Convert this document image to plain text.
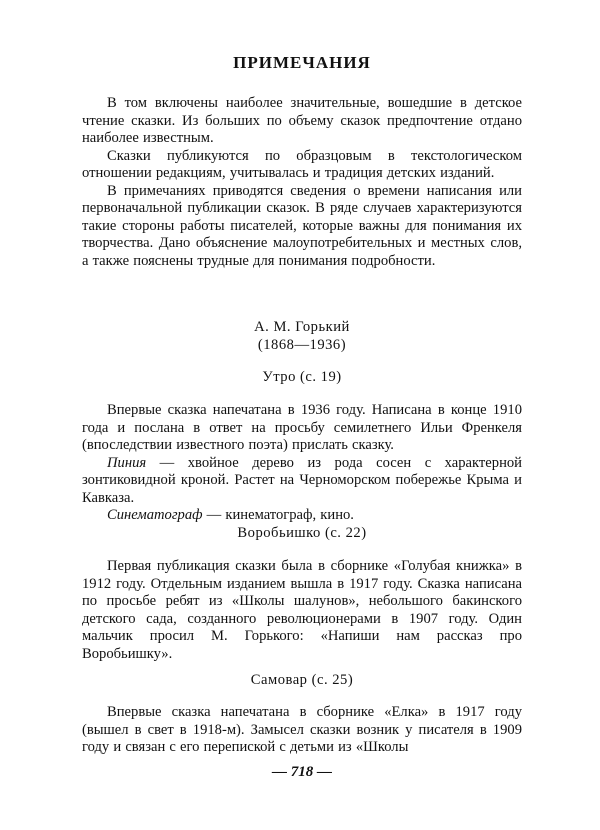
ПРИМЕЧАНИЯ

В том включены наиболее значительные, вошедшие в детское чтение сказки. Из больших по объему сказок предпочтение отдано наиболее известным.

Сказки публикуются по образцовым в текстологическом отношении редакциям, учитывалась и традиция детских изданий.

В примечаниях приводятся сведения о времени написания или первоначальной публикации сказок. В ряде случаев характеризуются такие стороны работы писателей, которые важны для понимания их творчества. Дано объяснение малоупотребительных и местных слов, а также пояснены трудные для понимания подробности.

А. М. Горький
(1868—1936)
Утро (с. 19)

Впервые сказка напечатана в 1936 году. Написана в конце 1910 года и послана в ответ на просьбу семилетнего Ильи Френкеля (впоследствии известного поэта) прислать сказку.

Пиния — хвойное дерево из рода сосен с характерной зонтиковидной кроной. Растет на Черноморском побережье Крыма и Кавказа.

Синематограф — кинематограф, кино.

Воробьишко (с. 22)

Первая публикация сказки была в сборнике «Голубая книжка» в 1912 году. Отдельным изданием вышла в 1917 году. Сказка написана по просьбе ребят из «Школы шалунов», небольшого бакинского детского сада, созданного революционерами в 1907 году. Один мальчик просил М. Горького: «Напиши нам рассказ про Воробьишку».

Самовар (с. 25)

Впервые сказка напечатана в сборнике «Елка» в 1917 году (вышел в свет в 1918-м). Замысел сказки возник у писателя в 1909 году и связан с его перепиской с детьми из «Школы

— 718 —
